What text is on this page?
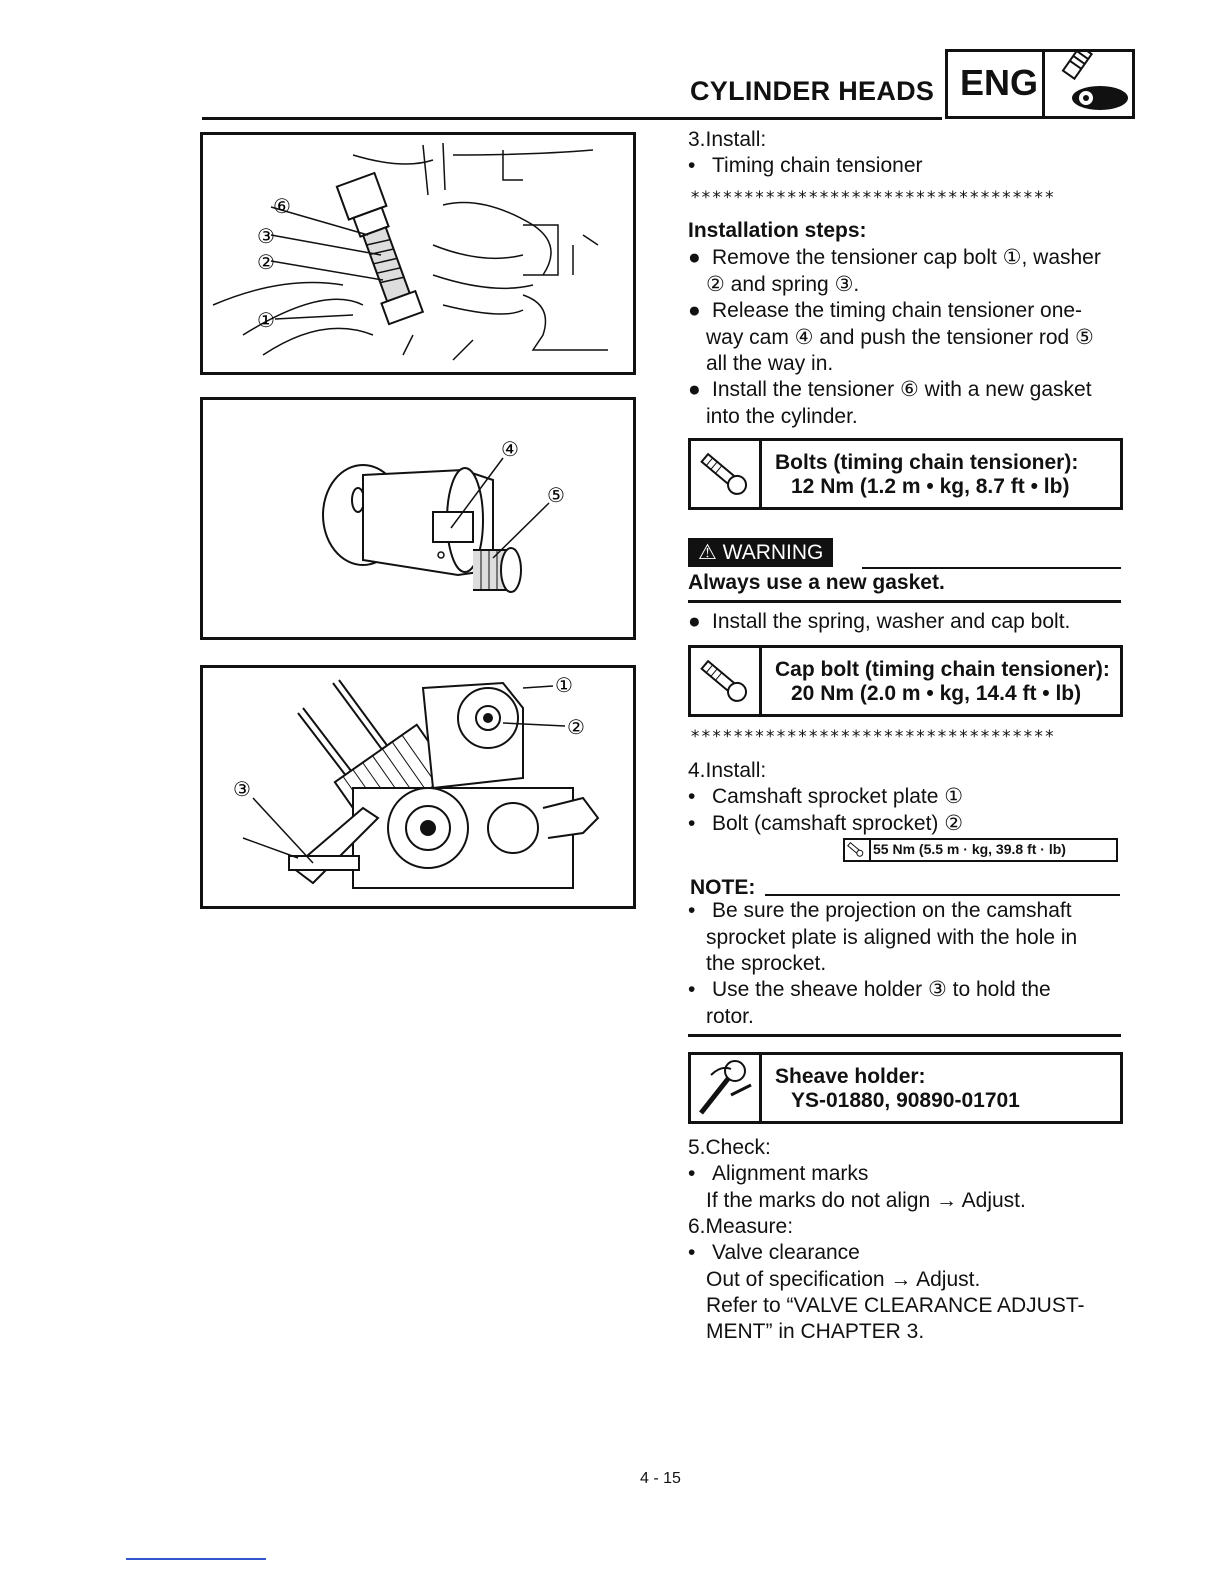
CYLINDER HEADS ENG
⑥
③
②
①
④
⑤
①
②
③
3.Install:
• Timing chain tensioner
**********************************
Installation steps:
● Remove the tensioner cap bolt ①, washer
② and spring ③.
● Release the timing chain tensioner one-
way cam ④ and push the tensioner rod ⑤
all the way in.
● Install the tensioner ⑥ with a new gasket
into the cylinder.
Bolts (timing chain tensioner):
12 Nm (1.2 m • kg, 8.7 ft • lb)
⚠ WARNING
Always use a new gasket.
● Install the spring, washer and cap bolt.
Cap bolt (timing chain tensioner):
20 Nm (2.0 m • kg, 14.4 ft • lb)
**********************************
4.Install:
• Camshaft sprocket plate ①
• Bolt (camshaft sprocket) ②
55 Nm (5.5 m · kg, 39.8 ft · lb)
NOTE:
• Be sure the projection on the camshaft
sprocket plate is aligned with the hole in
the sprocket.
• Use the sheave holder ③ to hold the
rotor.
Sheave holder:
YS-01880, 90890-01701
5.Check:
• Alignment marks
If the marks do not align → Adjust.
6.Measure:
• Valve clearance
Out of specification → Adjust.
Refer to “VALVE CLEARANCE ADJUST-
MENT” in CHAPTER 3.
4 - 15
